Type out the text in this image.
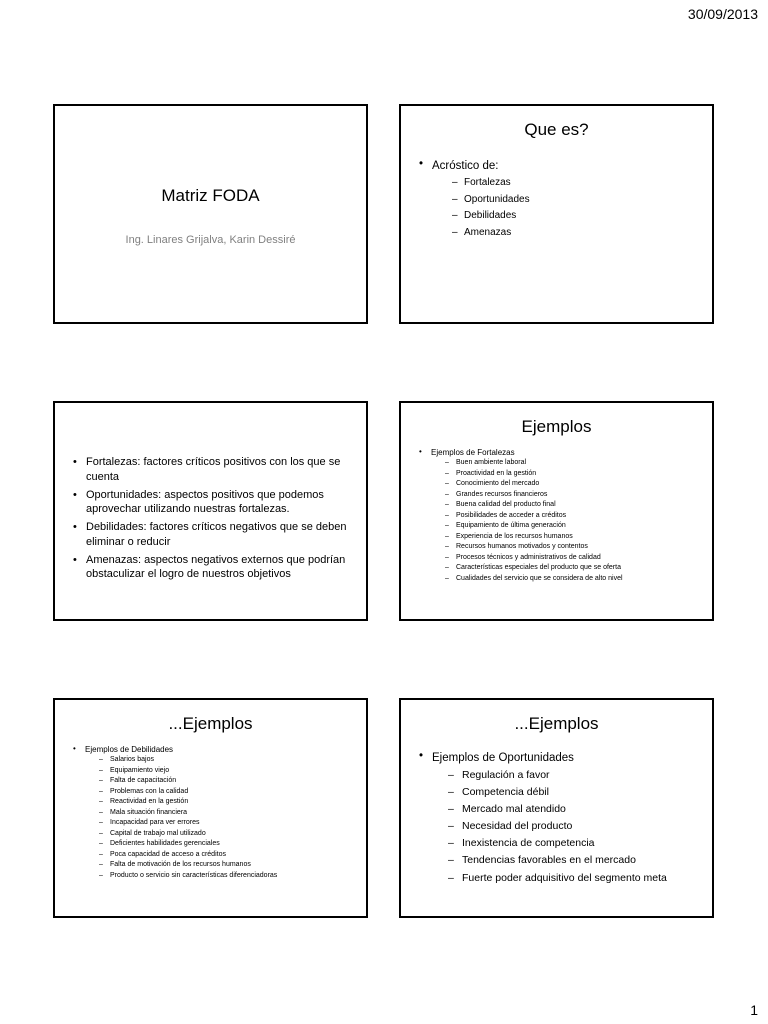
30/09/2013
Matriz FODA
Ing. Linares Grijalva, Karin Dessiré
Que es?
• Acróstico de:
– Fortalezas
– Oportunidades
– Debilidades
– Amenazas
• Fortalezas: factores críticos positivos con los que se cuenta
• Oportunidades: aspectos positivos que podemos aprovechar utilizando nuestras fortalezas.
• Debilidades: factores críticos negativos que se deben eliminar o reducir
• Amenazas: aspectos negativos externos que podrían obstaculizar el logro de nuestros objetivos
Ejemplos
• Ejemplos de Fortalezas
– Buen ambiente laboral
– Proactividad en la gestión
– Conocimiento del mercado
– Grandes recursos financieros
– Buena calidad del producto final
– Posibilidades de acceder a créditos
– Equipamiento de última generación
– Experiencia de los recursos humanos
– Recursos humanos motivados y contentos
– Procesos técnicos y administrativos de calidad
– Características especiales del producto que se oferta
– Cualidades del servicio que se considera de alto nivel
...Ejemplos
• Ejemplos de Debilidades
– Salarios bajos
– Equipamiento viejo
– Falta de capacitación
– Problemas con la calidad
– Reactividad en la gestión
– Mala situación financiera
– Incapacidad para ver errores
– Capital de trabajo mal utilizado
– Deficientes habilidades gerenciales
– Poca capacidad de acceso a créditos
– Falta de motivación de los recursos humanos
– Producto o servicio sin características diferenciadoras
...Ejemplos
• Ejemplos de Oportunidades
– Regulación a favor
– Competencia débil
– Mercado mal atendido
– Necesidad del producto
– Inexistencia de competencia
– Tendencias favorables en el mercado
– Fuerte poder adquisitivo del segmento meta
1
